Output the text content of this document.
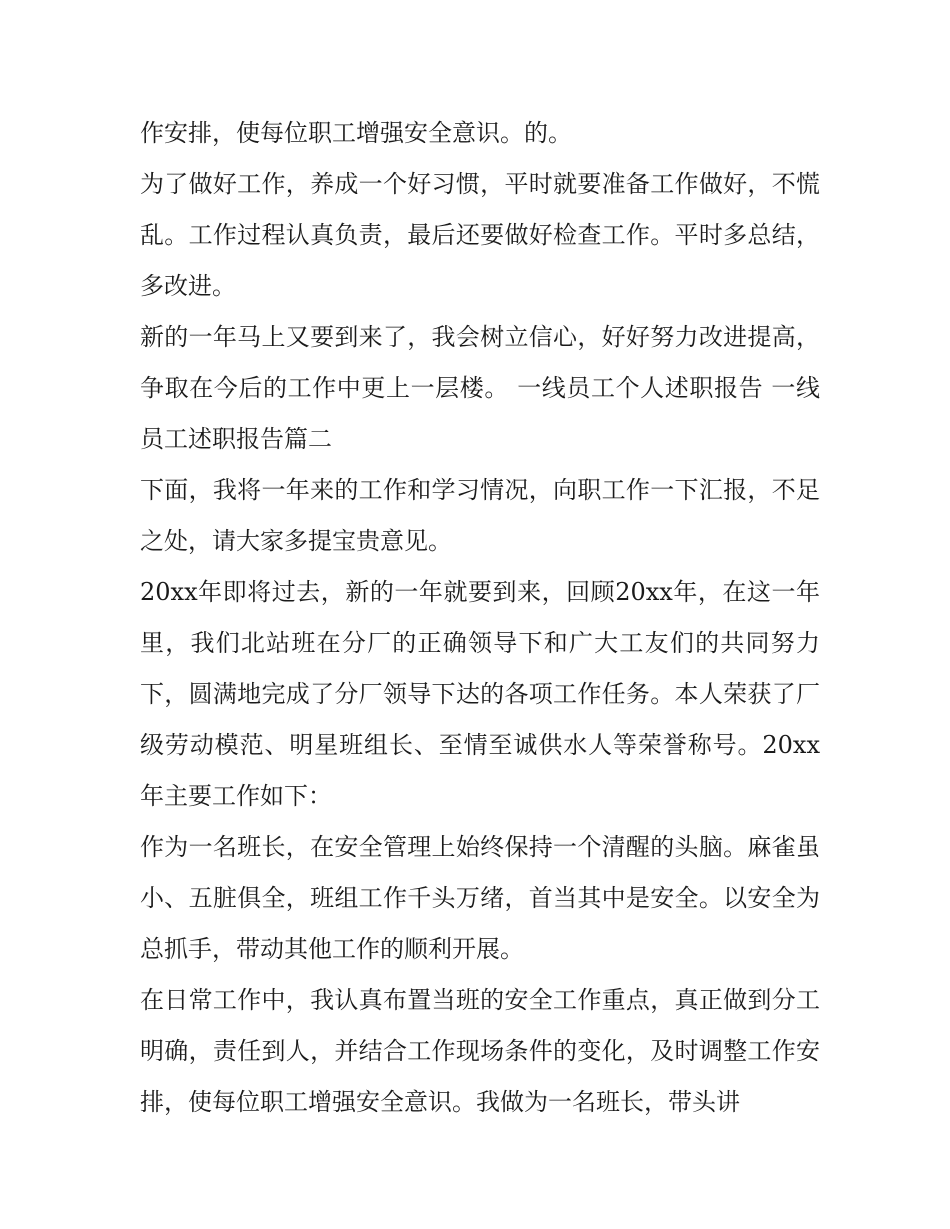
作安排，使每位职工增强安全意识。的。

为了做好工作，养成一个好习惯，平时就要准备工作做好，不慌乱。工作过程认真负责，最后还要做好检查工作。平时多总结，多改进。

新的一年马上又要到来了，我会树立信心，好好努力改进提高，争取在今后的工作中更上一层楼。 一线员工个人述职报告 一线员工述职报告篇二

下面，我将一年来的工作和学习情况，向职工作一下汇报，不足之处，请大家多提宝贵意见。

20xx年即将过去，新的一年就要到来，回顾20xx年，在这一年里，我们北站班在分厂的正确领导下和广大工友们的共同努力下，圆满地完成了分厂领导下达的各项工作任务。本人荣获了厂级劳动模范、明星班组长、至情至诚供水人等荣誉称号。20xx年主要工作如下：

作为一名班长，在安全管理上始终保持一个清醒的头脑。麻雀虽小、五脏俱全，班组工作千头万绪，首当其中是安全。以安全为总抓手，带动其他工作的顺利开展。

在日常工作中，我认真布置当班的安全工作重点，真正做到分工明确，责任到人，并结合工作现场条件的变化，及时调整工作安排，使每位职工增强安全意识。我做为一名班长，带头讲
